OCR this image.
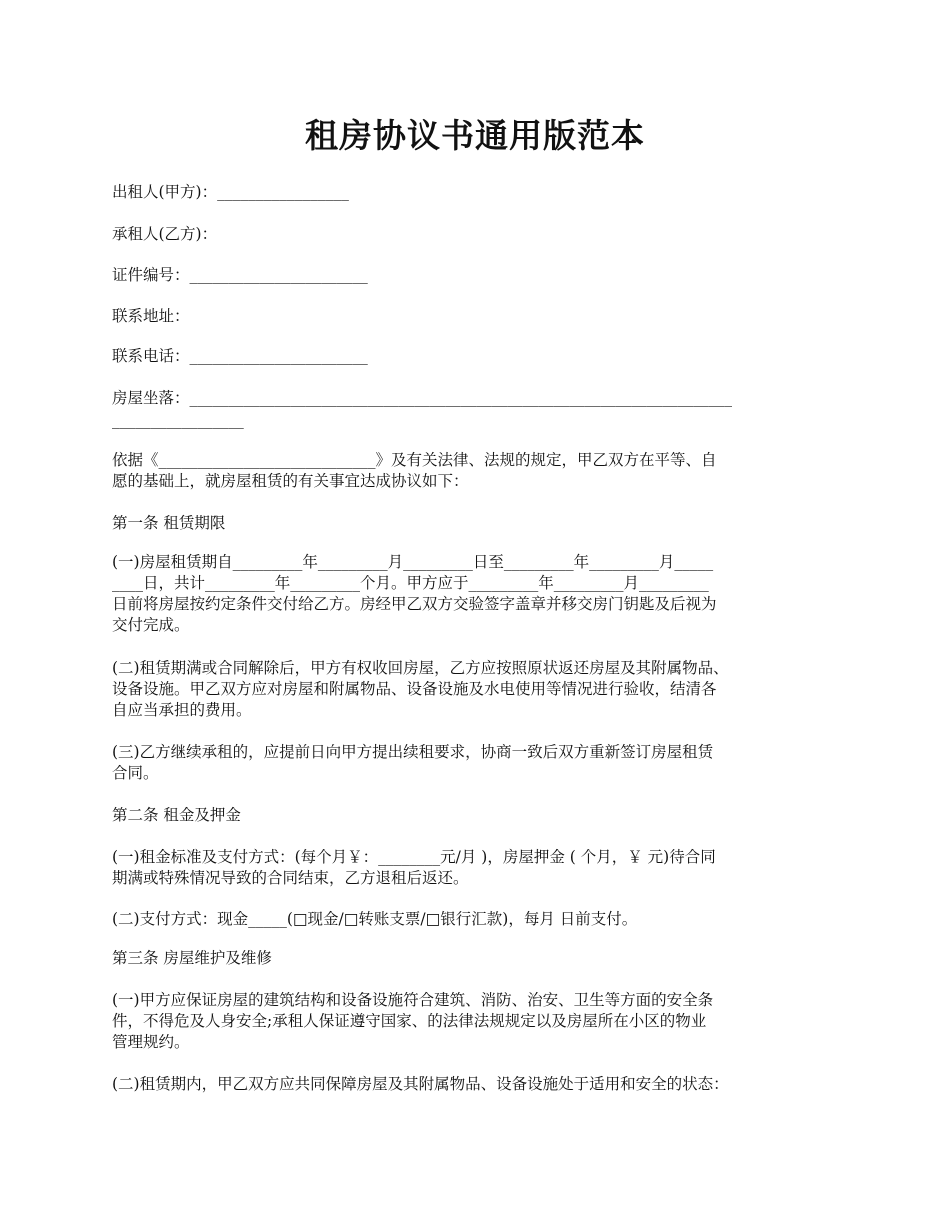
租房协议书通用版范本

出租人(甲方)：_________________

承租人(乙方)：

证件编号：_______________________

联系地址：

联系电话：_______________________

房屋坐落：______________________________________________________________________

_________________

依据《____________________________》及有关法律、法规的规定，甲乙双方在平等、自

愿的基础上，就房屋租赁的有关事宜达成协议如下：

第一条 租赁期限

(一)房屋租赁期自_________年_________月_________日至_________年_________月_____

____日，共计_________年_________个月。甲方应于_________年_________月_________

日前将房屋按约定条件交付给乙方。房经甲乙双方交验签字盖章并移交房门钥匙及后视为

交付完成。

(二)租赁期满或合同解除后，甲方有权收回房屋，乙方应按照原状返还房屋及其附属物品、

设备设施。甲乙双方应对房屋和附属物品、设备设施及水电使用等情况进行验收，结清各

自应当承担的费用。

(三)乙方继续承租的，应提前日向甲方提出续租要求，协商一致后双方重新签订房屋租赁

合同。

第二条 租金及押金

(一)租金标准及支付方式：(每个月￥：________元/月 )，房屋押金 ( 个月，￥ 元)待合同

期满或特殊情况导致的合同结束，乙方退租后返还。

(二)支付方式：现金_____(□现金/□转账支票/□银行汇款)，每月 日前支付。

第三条 房屋维护及维修

(一)甲方应保证房屋的建筑结构和设备设施符合建筑、消防、治安、卫生等方面的安全条

件，不得危及人身安全;承租人保证遵守国家、的法律法规规定以及房屋所在小区的物业

管理规约。

(二)租赁期内，甲乙双方应共同保障房屋及其附属物品、设备设施处于适用和安全的状态：
